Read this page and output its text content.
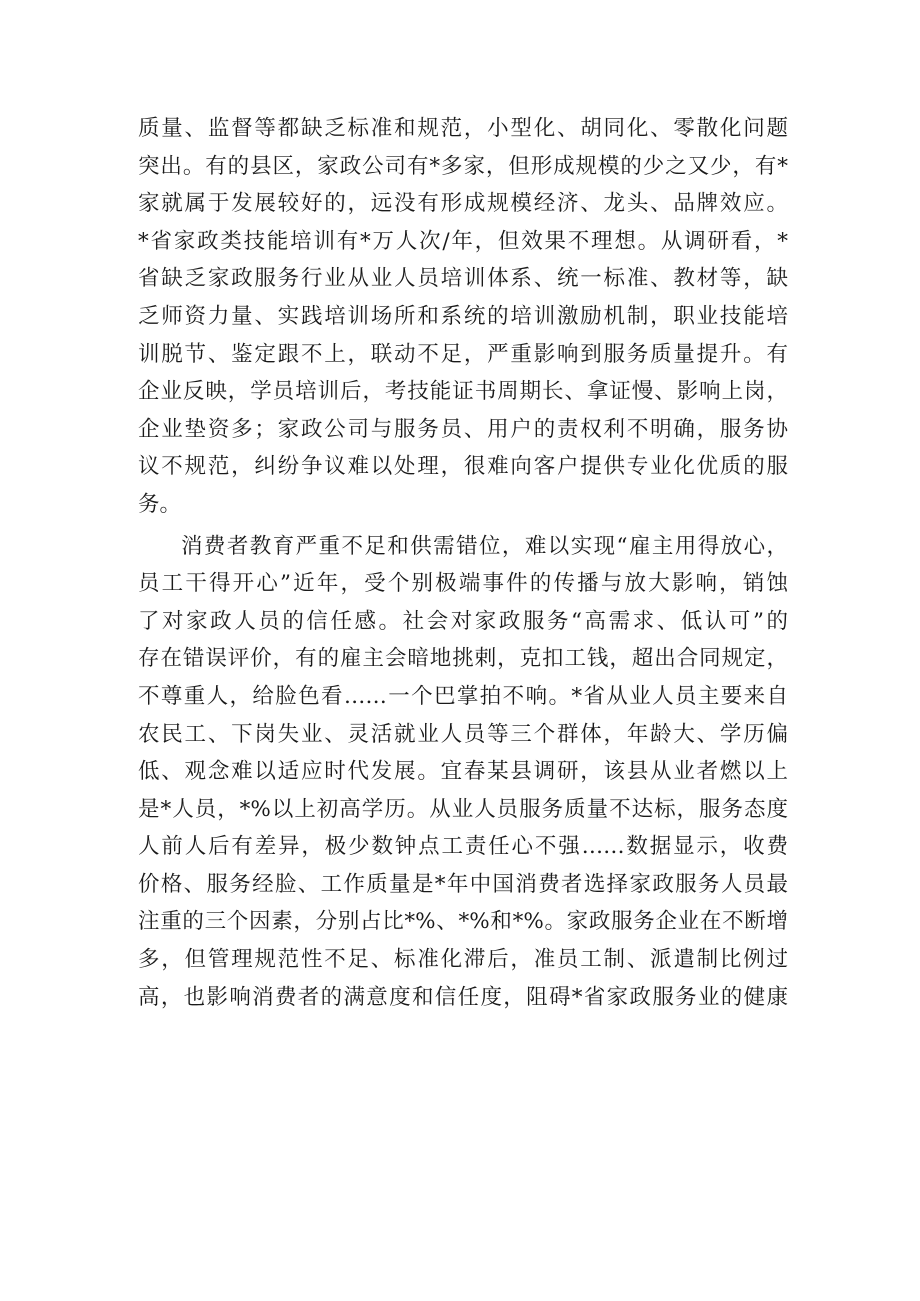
质量、监督等都缺乏标准和规范，小型化、胡同化、零散化问题
突出。有的县区，家政公司有*多家，但形成规模的少之又少，有*
家就属于发展较好的，远没有形成规模经济、龙头、品牌效应。
*省家政类技能培训有*万人次/年，但效果不理想。从调研看，*
省缺乏家政服务行业从业人员培训体系、统一标准、教材等，缺
乏师资力量、实践培训场所和系统的培训激励机制，职业技能培
训脱节、鉴定跟不上，联动不足，严重影响到服务质量提升。有
企业反映，学员培训后，考技能证书周期长、拿证慢、影响上岗，
企业垫资多；家政公司与服务员、用户的责权利不明确，服务协
议不规范，纠纷争议难以处理，很难向客户提供专业化优质的服
务。
消费者教育严重不足和供需错位，难以实现“雇主用得放心，
员工干得开心”近年，受个别极端事件的传播与放大影响，销蚀
了对家政人员的信任感。社会对家政服务“高需求、低认可”的
存在错误评价，有的雇主会暗地挑剌，克扣工钱，超出合同规定，
不尊重人，给脸色看……一个巴掌拍不响。*省从业人员主要来自
农民工、下岗失业、灵活就业人员等三个群体，年龄大、学历偏
低、观念难以适应时代发展。宜春某县调研，该县从业者燃以上
是*人员，*%以上初高学历。从业人员服务质量不达标，服务态度
人前人后有差异，极少数钟点工责任心不强……数据显示，收费
价格、服务经脸、工作质量是*年中国消费者选择家政服务人员最
注重的三个因素，分别占比*%、*%和*%。家政服务企业在不断增
多，但管理规范性不足、标准化滞后，准员工制、派遣制比例过
高，也影响消费者的满意度和信任度，阻碍*省家政服务业的健康
